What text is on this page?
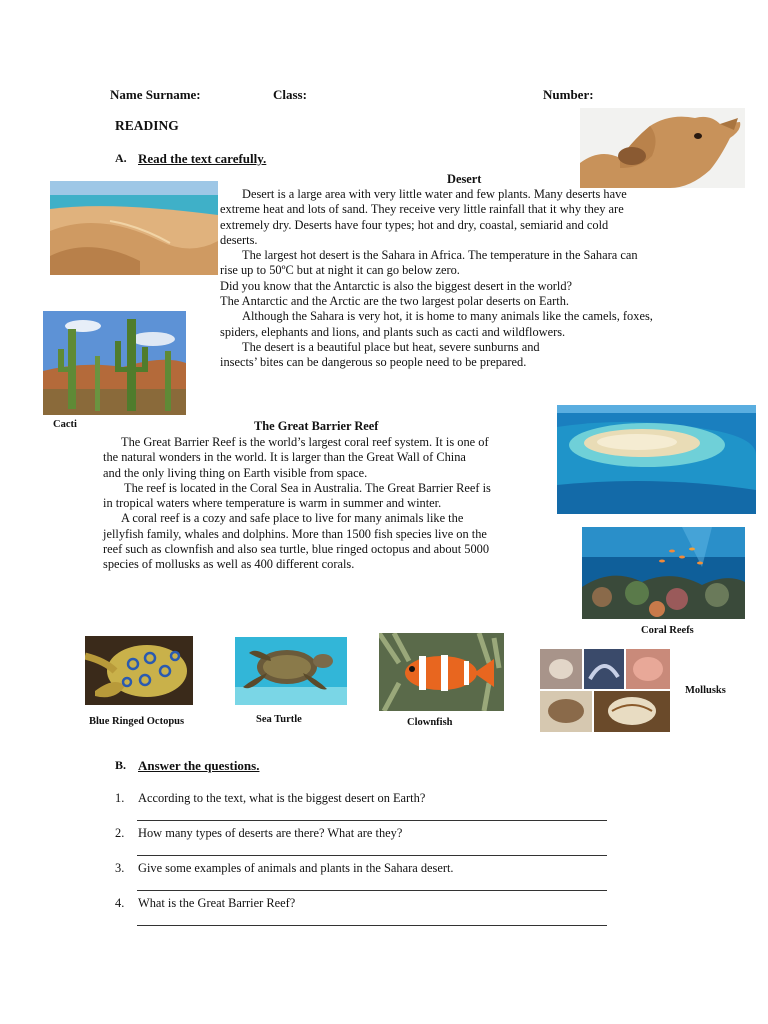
Name Surname:	Class:	Number:
READING
A. Read the text carefully.
Desert
Desert is a large area with very little water and few plants. Many deserts have
extreme heat and lots of sand. They receive very little rainfall that it why they are
extremely dry. Deserts have four types; hot and dry, coastal, semiarid and cold
deserts.
The largest hot desert is the Sahara in Africa. The temperature in the Sahara can
rise up to 50ºC but at night it can go below zero.
Did you know that the Antarctic is also the biggest desert in the world?
The Antarctic and the Arctic are the two largest polar deserts on Earth.
Although the Sahara is very hot, it is home to many animals like the camels, foxes,
spiders, elephants and lions, and plants such as cacti and wildflowers.
The desert is a beautiful place but heat, severe sunburns and
insects’ bites can be dangerous so people need to be prepared.
Cacti	The Great Barrier Reef
The Great Barrier Reef is the world’s largest coral reef system. It is one of
the natural wonders in the world. It is larger than the Great Wall of China
and the only living thing on Earth visible from space.
The reef is located in the Coral Sea in Australia. The Great Barrier Reef is
in tropical waters where temperature is warm in summer and winter.
A coral reef is a cozy and safe place to live for many animals like the
jellyfish family, whales and dolphins. More than 1500 fish species live on the
reef such as clownfish and also sea turtle, blue ringed octopus and about 5000
species of mollusks as well as 400 different corals.
Coral Reefs
Blue Ringed Octopus	Sea Turtle	Clownfish
Mollusks
B. Answer the questions.
1. According to the text, what is the biggest desert on Earth?
2. How many types of deserts are there? What are they?
3. Give some examples of animals and plants in the Sahara desert.
4. What is the Great Barrier Reef?
